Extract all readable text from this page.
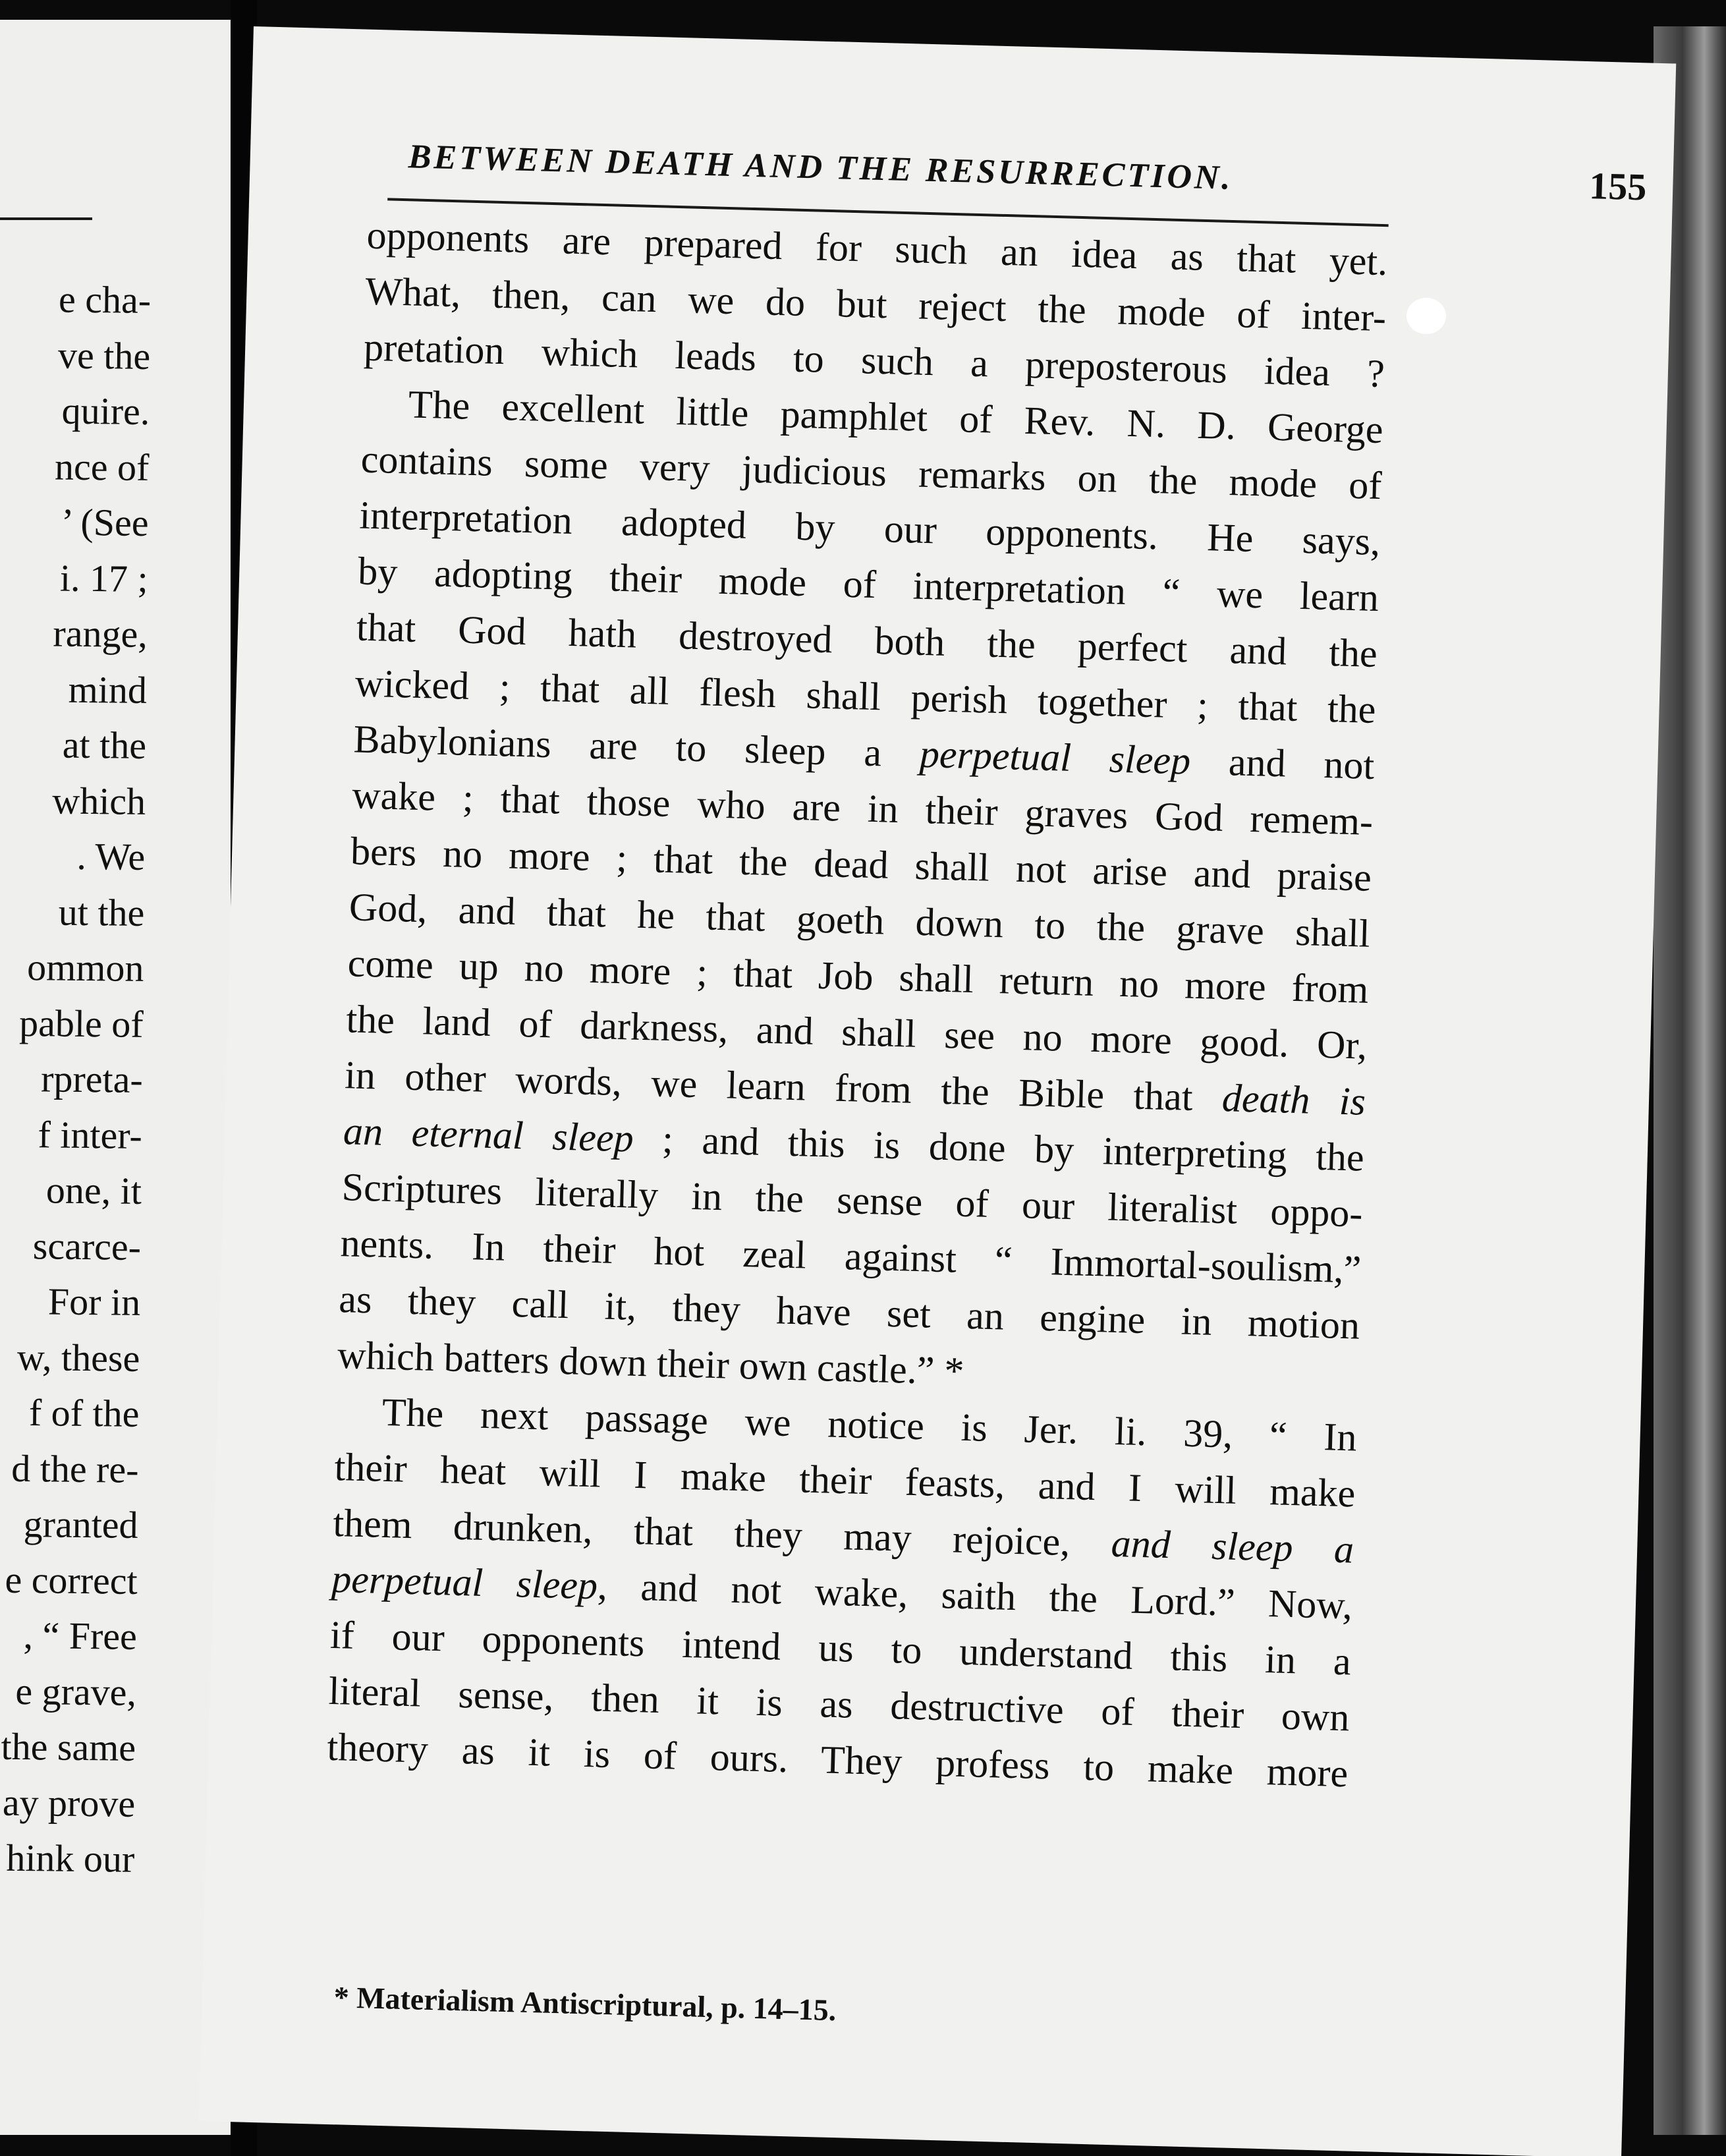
e cha-
ve the
quire.
nce of
’ (See
i. 17 ;
range,
mind
at the
which
. We
ut the
ommon
pable of
rpreta-
f inter-
one, it
scarce-
For in
w, these
f of the
d the re-
granted
e correct
, “ Free
e grave,
the same
ay prove
hink our
BETWEEN DEATH AND THE RESURRECTION.	155
opponents are prepared for such an idea as that yet.
What, then, can we do but reject the mode of inter-
pretation which leads to such a preposterous idea ?
The excellent little pamphlet of Rev. N. D. George
contains some very judicious remarks on the mode of
interpretation adopted by our opponents. He says,
by adopting their mode of interpretation “ we learn
that God hath destroyed both the perfect and the
wicked ; that all flesh shall perish together ; that the
Babylonians are to sleep a perpetual sleep and not
wake ; that those who are in their graves God remem-
bers no more ; that the dead shall not arise and praise
God, and that he that goeth down to the grave shall
come up no more ; that Job shall return no more from
the land of darkness, and shall see no more good. Or,
in other words, we learn from the Bible that death is
an eternal sleep ; and this is done by interpreting the
Scriptures literally in the sense of our literalist oppo-
nents. In their hot zeal against “ Immortal-soulism,”
as they call it, they have set an engine in motion
which batters down their own castle.” *
The next passage we notice is Jer. li. 39, “ In
their heat will I make their feasts, and I will make
them drunken, that they may rejoice, and sleep a
perpetual sleep, and not wake, saith the Lord.” Now,
if our opponents intend us to understand this in a
literal sense, then it is as destructive of their own
theory as it is of ours. They profess to make more
* Materialism Antiscriptural, p. 14–15.
